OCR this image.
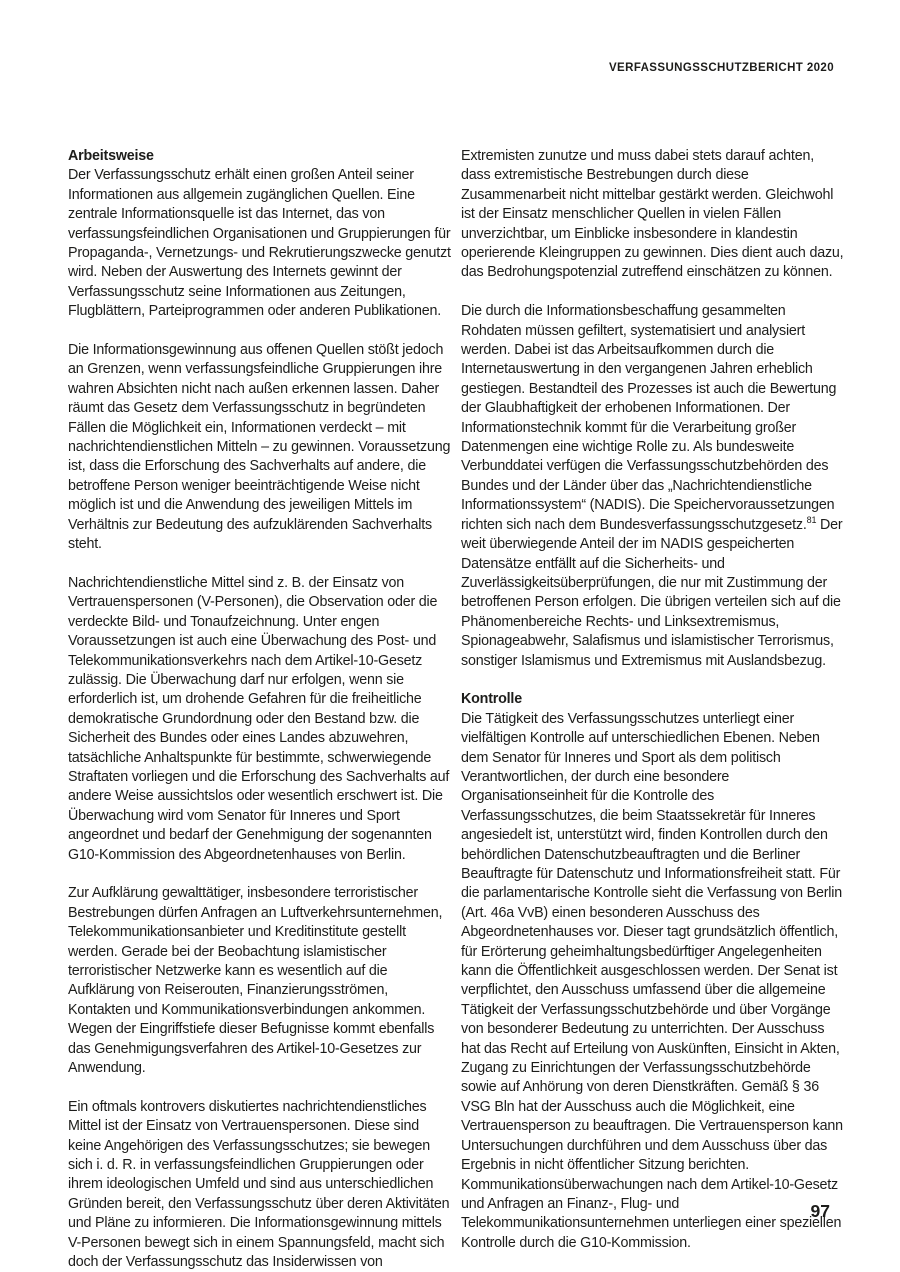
VERFASSUNGSSCHUTZBERICHT 2020
Arbeitsweise

Der Verfassungsschutz erhält einen großen Anteil seiner Informationen aus allgemein zugänglichen Quellen. Eine zentrale Informationsquelle ist das Internet, das von verfassungsfeindlichen Organisationen und Gruppierungen für Propaganda-, Vernetzungs- und Rekrutierungszwecke genutzt wird. Neben der Auswertung des Internets gewinnt der Verfassungsschutz seine Informationen aus Zeitungen, Flugblättern, Parteiprogrammen oder anderen Publikationen.

Die Informationsgewinnung aus offenen Quellen stößt jedoch an Grenzen, wenn verfassungsfeindliche Gruppierungen ihre wahren Absichten nicht nach außen erkennen lassen. Daher räumt das Gesetz dem Verfassungsschutz in begründeten Fällen die Möglichkeit ein, Informationen verdeckt – mit nachrichtendienstlichen Mitteln – zu gewinnen. Voraussetzung ist, dass die Erforschung des Sachverhalts auf andere, die betroffene Person weniger beeinträchtigende Weise nicht möglich ist und die Anwendung des jeweiligen Mittels im Verhältnis zur Bedeutung des aufzuklärenden Sachverhalts steht.

Nachrichtendienstliche Mittel sind z. B. der Einsatz von Vertrauenspersonen (V-Personen), die Observation oder die verdeckte Bild- und Tonaufzeichnung. Unter engen Voraussetzungen ist auch eine Überwachung des Post- und Telekommunikationsverkehrs nach dem Artikel-10-Gesetz zulässig. Die Überwachung darf nur erfolgen, wenn sie erforderlich ist, um drohende Gefahren für die freiheitliche demokratische Grundordnung oder den Bestand bzw. die Sicherheit des Bundes oder eines Landes abzuwehren, tatsächliche Anhaltspunkte für bestimmte, schwerwiegende Straftaten vorliegen und die Erforschung des Sachverhalts auf andere Weise aussichtslos oder wesentlich erschwert ist. Die Überwachung wird vom Senator für Inneres und Sport angeordnet und bedarf der Genehmigung der sogenannten G10-Kommission des Abgeordnetenhauses von Berlin.

Zur Aufklärung gewalttätiger, insbesondere terroristischer Bestrebungen dürfen Anfragen an Luftverkehrsunternehmen, Telekommunikationsanbieter und Kreditinstitute gestellt werden. Gerade bei der Beobachtung islamistischer terroristischer Netzwerke kann es wesentlich auf die Aufklärung von Reiserouten, Finanzierungsströmen, Kontakten und Kommunikationsverbindungen ankommen. Wegen der Eingriffstiefe dieser Befugnisse kommt ebenfalls das Genehmigungsverfahren des Artikel-10-Gesetzes zur Anwendung.

Ein oftmals kontrovers diskutiertes nachrichtendienstliches Mittel ist der Einsatz von Vertrauenspersonen. Diese sind keine Angehörigen des Verfassungsschutzes; sie bewegen sich i. d. R. in verfassungsfeindlichen Gruppierungen oder ihrem ideologischen Umfeld und sind aus unterschiedlichen Gründen bereit, den Verfassungsschutz über deren Aktivitäten und Pläne zu informieren. Die Informationsgewinnung mittels V-Personen bewegt sich in einem Spannungsfeld, macht sich doch der Verfassungsschutz das Insiderwissen von

Extremisten zunutze und muss dabei stets darauf achten, dass extremistische Bestrebungen durch diese Zusammenarbeit nicht mittelbar gestärkt werden. Gleichwohl ist der Einsatz menschlicher Quellen in vielen Fällen unverzichtbar, um Einblicke insbesondere in klandestin operierende Kleingruppen zu gewinnen. Dies dient auch dazu, das Bedrohungspotenzial zutreffend einschätzen zu können.

Die durch die Informationsbeschaffung gesammelten Rohdaten müssen gefiltert, systematisiert und analysiert werden. Dabei ist das Arbeitsaufkommen durch die Internetauswertung in den vergangenen Jahren erheblich gestiegen. Bestandteil des Prozesses ist auch die Bewertung der Glaubhaftigkeit der erhobenen Informationen. Der Informationstechnik kommt für die Verarbeitung großer Datenmengen eine wichtige Rolle zu. Als bundesweite Verbunddatei verfügen die Verfassungsschutzbehörden des Bundes und der Länder über das „Nachrichtendienstliche Informationssystem“ (NADIS). Die Speichervoraussetzungen richten sich nach dem Bundesverfassungsschutzgesetz.$^{81}$ Der weit überwiegende Anteil der im NADIS gespeicherten Datensätze entfällt auf die Sicherheits- und Zuverlässigkeitsüberprüfungen, die nur mit Zustimmung der betroffenen Person erfolgen. Die übrigen verteilen sich auf die Phänomenbereiche Rechts- und Linksextremismus, Spionageabwehr, Salafismus und islamistischer Terrorismus, sonstiger Islamismus und Extremismus mit Auslandsbezug.

Kontrolle

Die Tätigkeit des Verfassungsschutzes unterliegt einer vielfältigen Kontrolle auf unterschiedlichen Ebenen. Neben dem Senator für Inneres und Sport als dem politisch Verantwortlichen, der durch eine besondere Organisationseinheit für die Kontrolle des Verfassungsschutzes, die beim Staatssekretär für Inneres angesiedelt ist, unterstützt wird, finden Kontrollen durch den behördlichen Datenschutzbeauftragten und die Berliner Beauftragte für Datenschutz und Informationsfreiheit statt. Für die parlamentarische Kontrolle sieht die Verfassung von Berlin (Art. 46a VvB) einen besonderen Ausschuss des Abgeordnetenhauses vor. Dieser tagt grundsätzlich öffentlich, für Erörterung geheimhaltungsbedürftiger Angelegenheiten kann die Öffentlichkeit ausgeschlossen werden. Der Senat ist verpflichtet, den Ausschuss umfassend über die allgemeine Tätigkeit der Verfassungsschutzbehörde und über Vorgänge von besonderer Bedeutung zu unterrichten. Der Ausschuss hat das Recht auf Erteilung von Auskünften, Einsicht in Akten, Zugang zu Einrichtungen der Verfassungsschutzbehörde sowie auf Anhörung von deren Dienstkräften. Gemäß § 36 VSG Bln hat der Ausschuss auch die Möglichkeit, eine Vertrauensperson zu beauftragen. Die Vertrauensperson kann Untersuchungen durchführen und dem Ausschuss über das Ergebnis in nicht öffentlicher Sitzung berichten. Kommunikationsüberwachungen nach dem Artikel-10-Gesetz und Anfragen an Finanz-, Flug- und Telekommunikationsunternehmen unterliegen einer speziellen Kontrolle durch die G10-Kommission.

97
